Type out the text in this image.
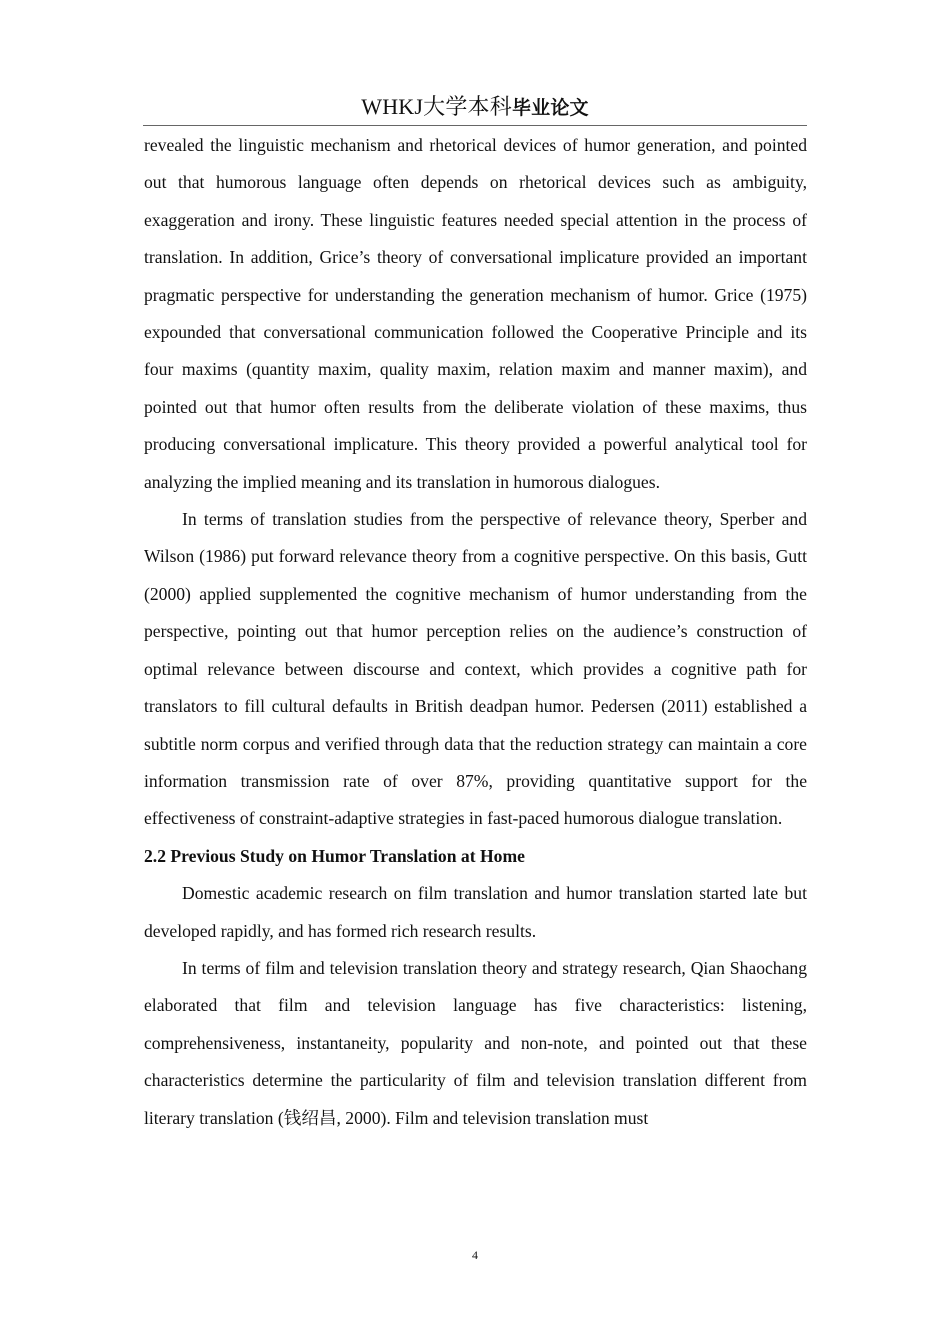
WHKJ大学本科毕业论文

revealed the linguistic mechanism and rhetorical devices of humor generation, and pointed out that humorous language often depends on rhetorical devices such as ambiguity, exaggeration and irony. These linguistic features needed special attention in the process of translation. In addition, Grice’s theory of conversational implicature provided an important pragmatic perspective for understanding the generation mechanism of humor. Grice (1975) expounded that conversational communication followed the Cooperative Principle and its four maxims (quantity maxim, quality maxim, relation maxim and manner maxim), and pointed out that humor often results from the deliberate violation of these maxims, thus producing conversational implicature. This theory provided a powerful analytical tool for analyzing the implied meaning and its translation in humorous dialogues.

In terms of translation studies from the perspective of relevance theory, Sperber and Wilson (1986) put forward relevance theory from a cognitive perspective. On this basis, Gutt (2000) applied supplemented the cognitive mechanism of humor understanding from the perspective, pointing out that humor perception relies on the audience’s construction of optimal relevance between discourse and context, which provides a cognitive path for translators to fill cultural defaults in British deadpan humor. Pedersen (2011) established a subtitle norm corpus and verified through data that the reduction strategy can maintain a core information transmission rate of over 87%, providing quantitative support for the effectiveness of constraint-adaptive strategies in fast-paced humorous dialogue translation.

2.2 Previous Study on Humor Translation at Home

Domestic academic research on film translation and humor translation started late but developed rapidly, and has formed rich research results.

In terms of film and television translation theory and strategy research, Qian Shaochang elaborated that film and television language has five characteristics: listening, comprehensiveness, instantaneity, popularity and non-note, and pointed out that these characteristics determine the particularity of film and television translation different from literary translation (钱绍昌, 2000). Film and television translation must

4
